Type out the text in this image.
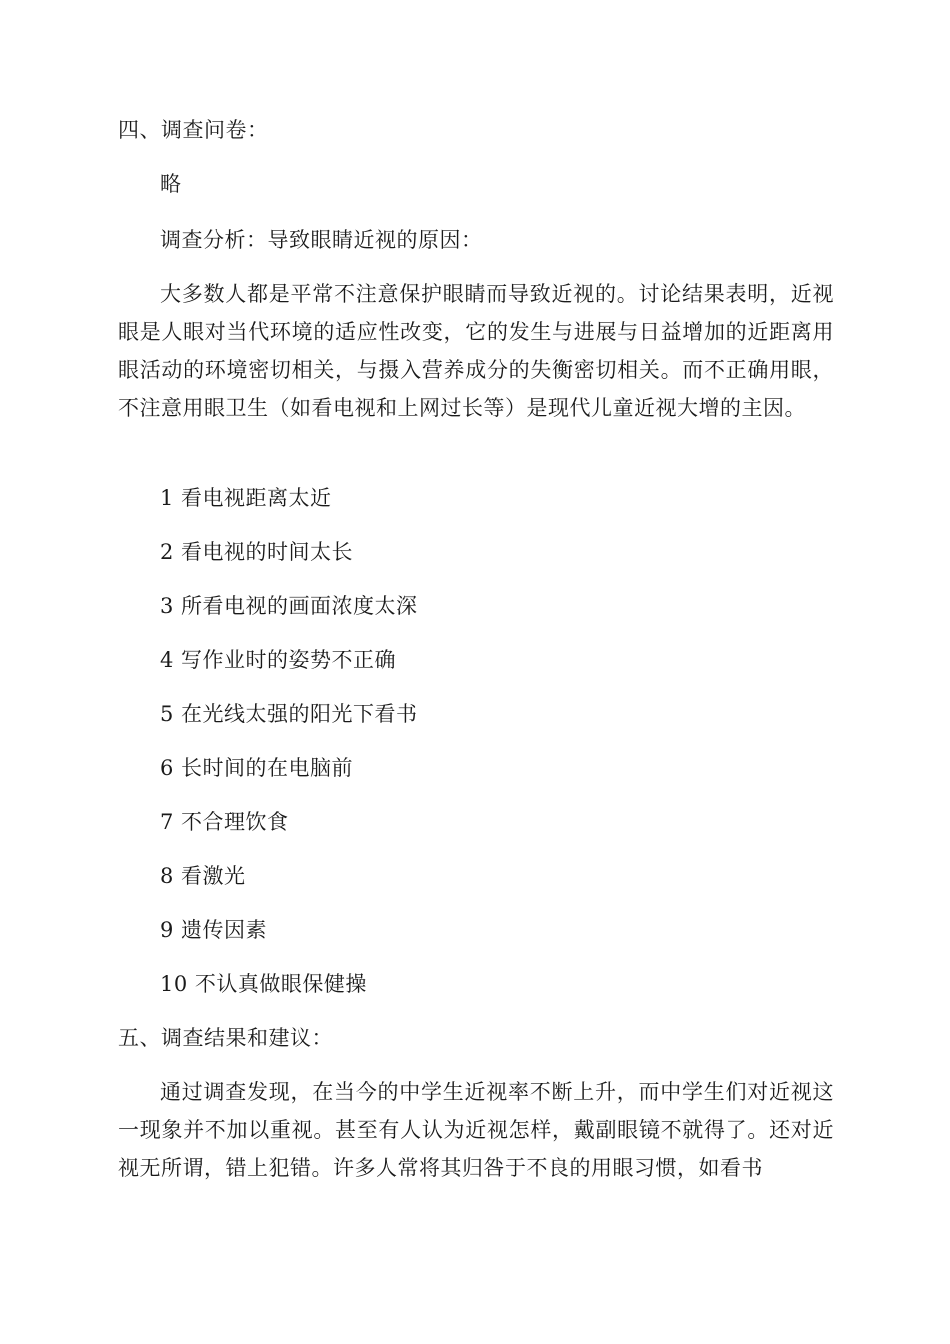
四、调查问卷：
略
调查分析：导致眼睛近视的原因：
大多数人都是平常不注意保护眼睛而导致近视的。讨论结果表明，近视眼是人眼对当代环境的适应性改变，它的发生与进展与日益增加的近距离用眼活动的环境密切相关，与摄入营养成分的失衡密切相关。而不正确用眼，不注意用眼卫生（如看电视和上网过长等）是现代儿童近视大增的主因。
1 看电视距离太近
2 看电视的时间太长
3 所看电视的画面浓度太深
4 写作业时的姿势不正确
5 在光线太强的阳光下看书
6 长时间的在电脑前
7 不合理饮食
8 看激光
9 遗传因素
10 不认真做眼保健操
五、调查结果和建议：
通过调查发现，在当今的中学生近视率不断上升，而中学生们对近视这一现象并不加以重视。甚至有人认为近视怎样，戴副眼镜不就得了。还对近视无所谓，错上犯错。许多人常将其归咎于不良的用眼习惯，如看书
